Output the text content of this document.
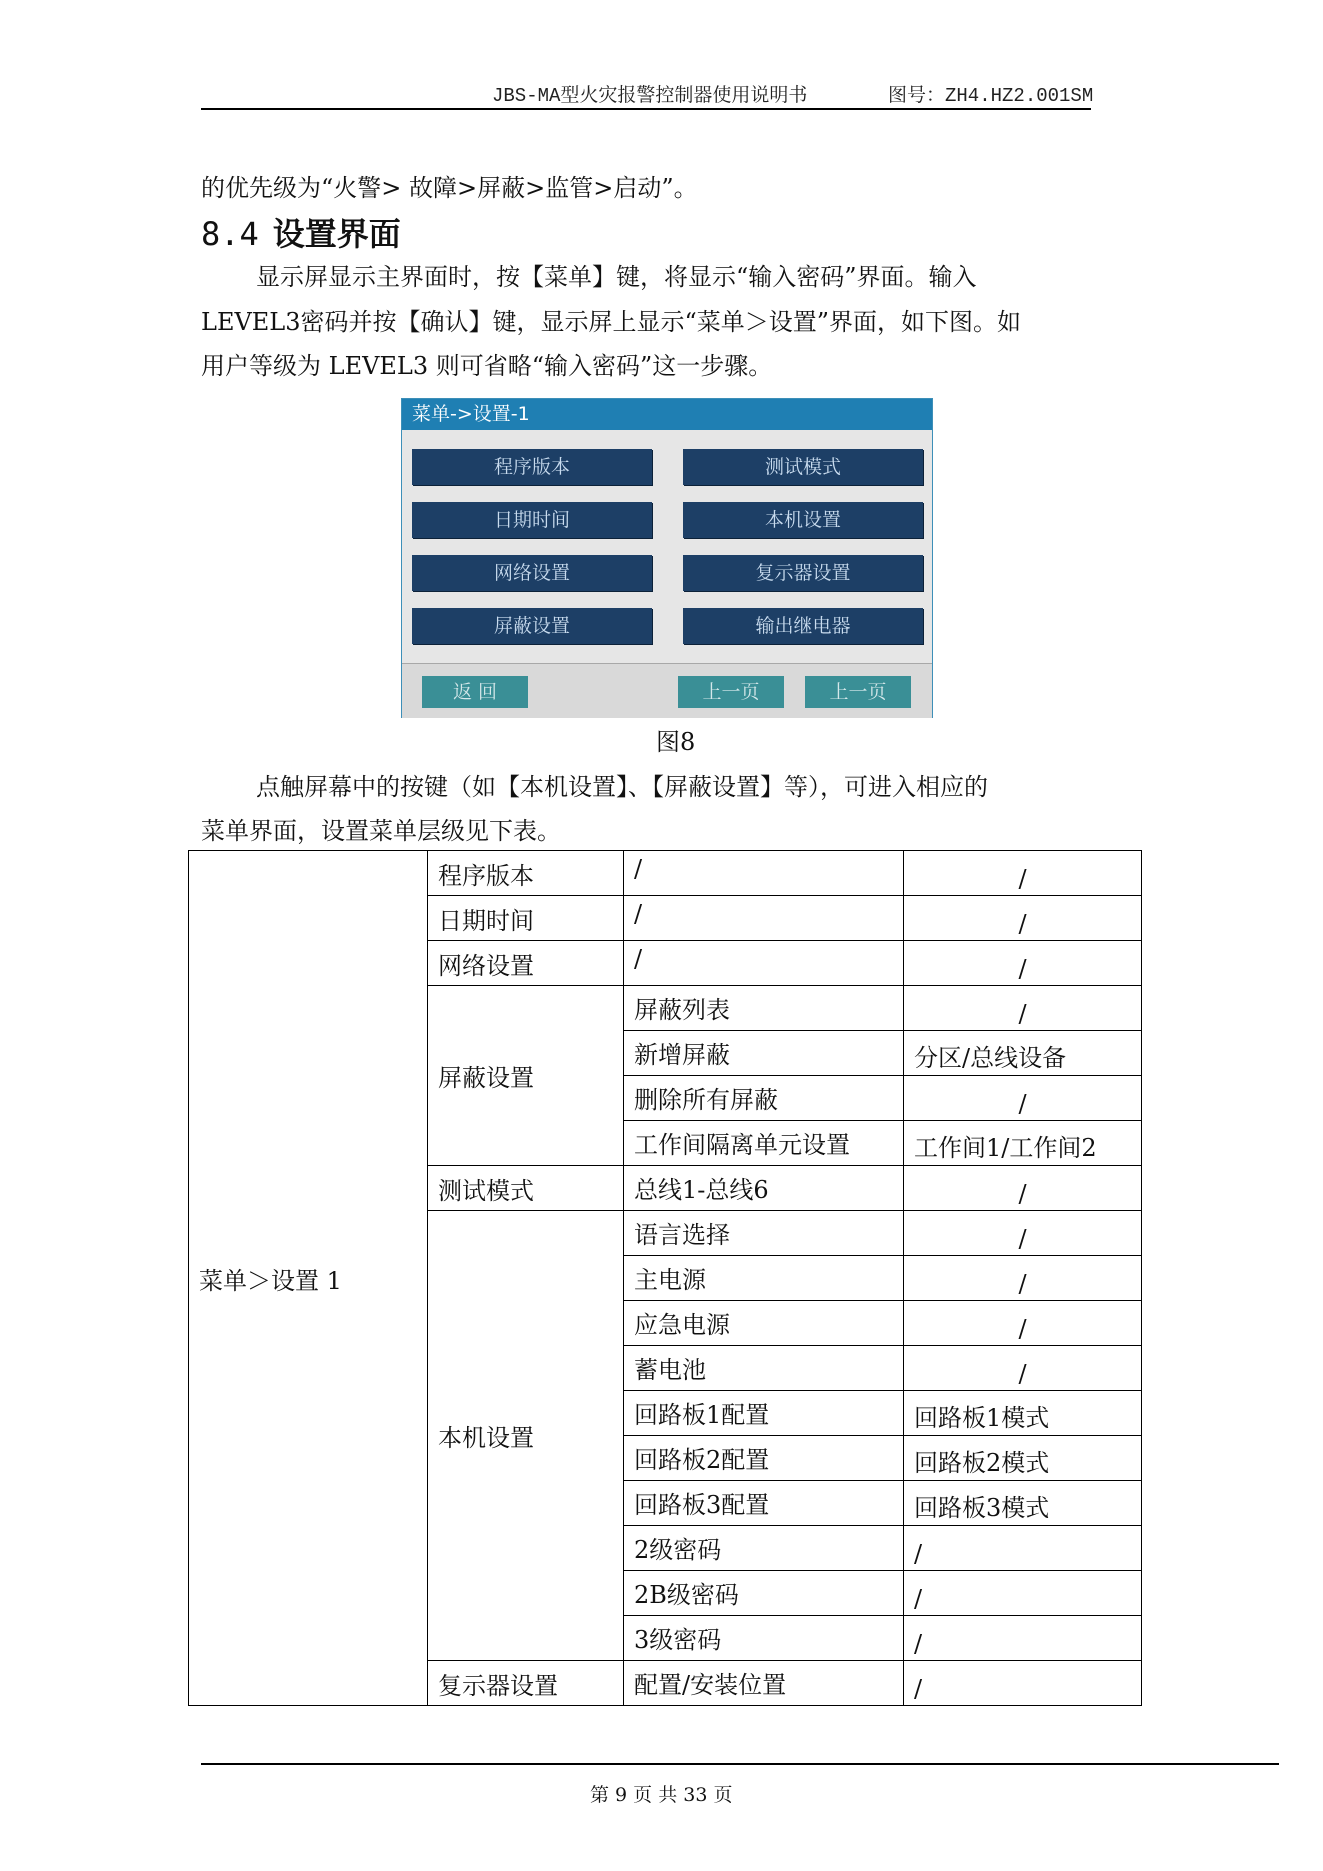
JBS-MA型火灾报警控制器使用说明书	图号：ZH4.HZ2.001SM
的优先级为“火警> 故障>屏蔽>监管>启动”。
8.4 设置界面
显示屏显示主界面时，按【菜单】键，将显示“输入密码”界面。输入
LEVEL3密码并按【确认】键，显示屏上显示“菜单＞设置”界面，如下图。如
用户等级为 LEVEL3 则可省略“输入密码”这一步骤。
菜单->设置-1
程序版本	测试模式
日期时间	本机设置
网络设置	复示器设置
屏蔽设置	输出继电器
返 回	上一页	上一页
图8
点触屏幕中的按键（如【本机设置】、【屏蔽设置】等），可进入相应的
菜单界面，设置菜单层级见下表。
菜单＞设置 1	程序版本	/	/
	日期时间	/	/
	网络设置	/	/
	屏蔽设置	屏蔽列表	/
		新增屏蔽	分区/总线设备
		删除所有屏蔽	/
		工作间隔离单元设置	工作间1/工作间2
	测试模式	总线1-总线6	/
	本机设置	语言选择	/
		主电源	/
		应急电源	/
		蓄电池	/
		回路板1配置	回路板1模式
		回路板2配置	回路板2模式
		回路板3配置	回路板3模式
		2级密码	/
		2B级密码	/
		3级密码	/
	复示器设置	配置/安装位置	/
第 9 页 共 33 页
